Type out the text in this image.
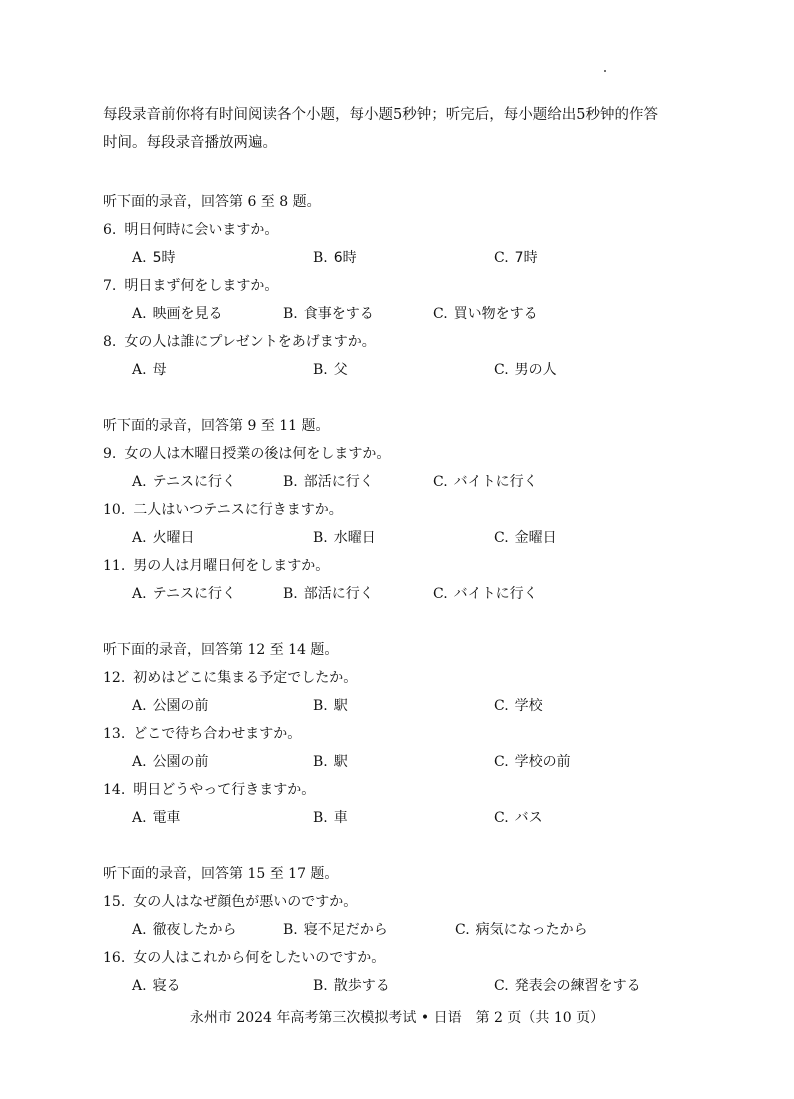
每段录音前你将有时间阅读各个小题，每小题5秒钟；听完后，每小题给出5秒钟的作答
时间。每段录音播放两遍。
听下面的录音，回答第 6 至 8 题。
6. 明日何時に会いますか。
A. 5時	B. 6時	C. 7時
7. 明日まず何をしますか。
A. 映画を見る	B. 食事をする	C. 買い物をする
8. 女の人は誰にプレゼントをあげますか。
A. 母	B. 父	C. 男の人
听下面的录音，回答第 9 至 11 题。
9. 女の人は木曜日授業の後は何をしますか。
A. テニスに行く	B. 部活に行く	C. バイトに行く
10. 二人はいつテニスに行きますか。
A. 火曜日	B. 水曜日	C. 金曜日
11. 男の人は月曜日何をしますか。
A. テニスに行く	B. 部活に行く	C. バイトに行く
听下面的录音，回答第 12 至 14 题。
12. 初めはどこに集まる予定でしたか。
A. 公園の前	B. 駅	C. 学校
13. どこで待ち合わせますか。
A. 公園の前	B. 駅	C. 学校の前
14. 明日どうやって行きますか。
A. 電車	B. 車	C. バス
听下面的录音，回答第 15 至 17 题。
15. 女の人はなぜ顔色が悪いのですか。
A. 徹夜したから	B. 寝不足だから	C. 病気になったから
16. 女の人はこれから何をしたいのですか。
A. 寝る	B. 散歩する	C. 発表会の練習をする
永州市 2024 年高考第三次模拟考试 • 日语　第 2 页（共 10 页）
